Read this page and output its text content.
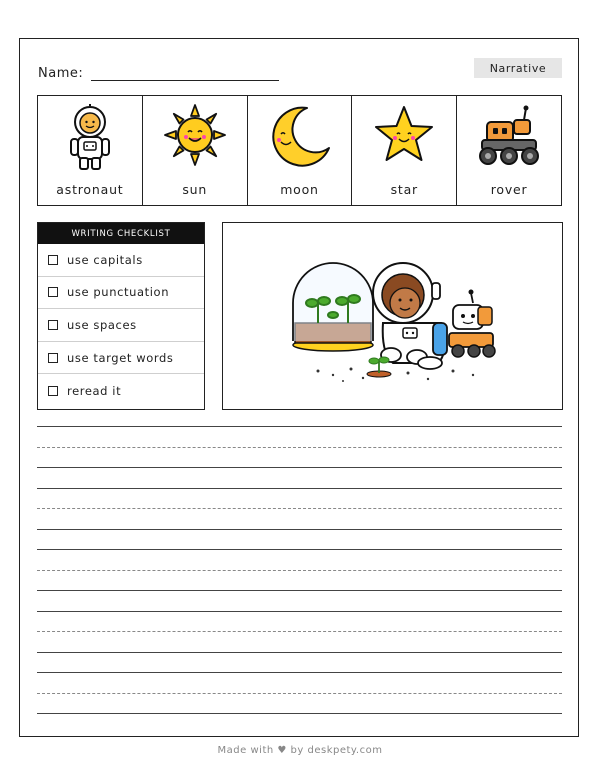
Name:	Narrative
astronaut	sun	moon	star	rover
WRITING CHECKLIST
use capitals
use punctuation
use spaces
use target words
reread it
Made with ♥ by deskpety.com
